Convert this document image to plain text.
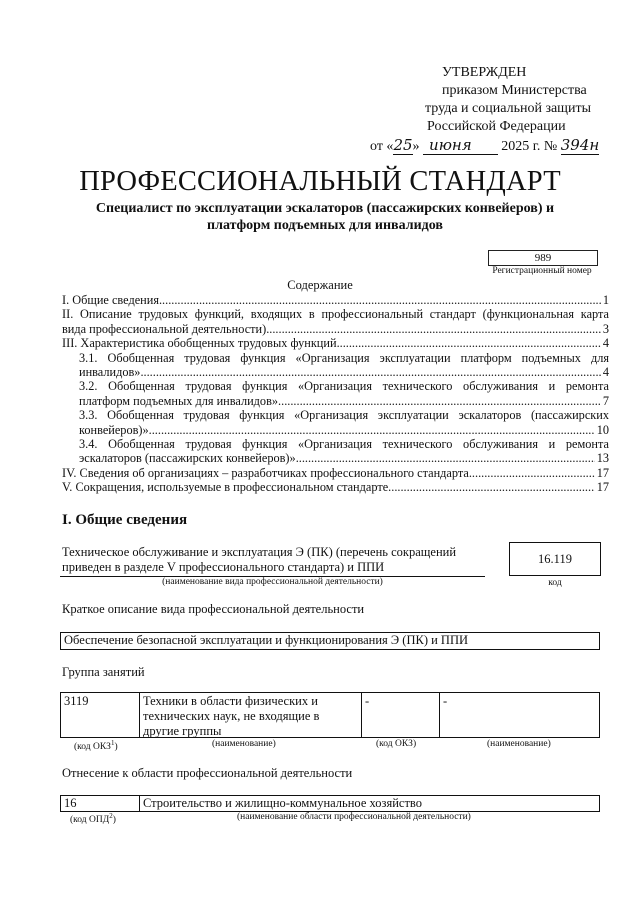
УТВЕРЖДЕН
приказом Министерства
труда и социальной защиты
Российской Федерации
от «25» июня 2025 г. № 394н
ПРОФЕССИОНАЛЬНЫЙ СТАНДАРТ
Специалист по эксплуатации эскалаторов (пассажирских конвейеров) и
платформ подъемных для инвалидов
989
Регистрационный номер
Содержание
I. Общие сведения .....	1
II. Описание трудовых функций, входящих в профессиональный стандарт (функциональная карта
вида профессиональной деятельности) .....	3
III. Характеристика обобщенных трудовых функций .....	4
3.1. Обобщенная трудовая функция «Организация эксплуатации платформ подъемных для
инвалидов» .....	4
3.2. Обобщенная трудовая функция «Организация технического обслуживания и ремонта
платформ подъемных для инвалидов» .....	7
3.3. Обобщенная трудовая функция «Организация эксплуатации эскалаторов (пассажирских
конвейеров)» .....	10
3.4. Обобщенная трудовая функция «Организация технического обслуживания и ремонта
эскалаторов (пассажирских конвейеров)» .....	13
IV. Сведения об организациях – разработчиках профессионального стандарта .....	17
V. Сокращения, используемые в профессиональном стандарте .....	17
I. Общие сведения
Техническое обслуживание и эксплуатация Э (ПК) (перечень сокращений
приведен в разделе V профессионального стандарта) и ППИ
(наименование вида профессиональной деятельности)
16.119
код
Краткое описание вида профессиональной деятельности
Обеспечение безопасной эксплуатации и функционирования Э (ПК) и ППИ
Группа занятий
3119	Техники в области физических и
технических наук, не входящие в
другие группы
-	-
(код ОКЗ$^1$)	(наименование)	(код ОКЗ)	(наименование)
Отнесение к области профессиональной деятельности
16	Строительство и жилищно-коммунальное хозяйство
(код ОПД$^2$)	(наименование области профессиональной деятельности)
